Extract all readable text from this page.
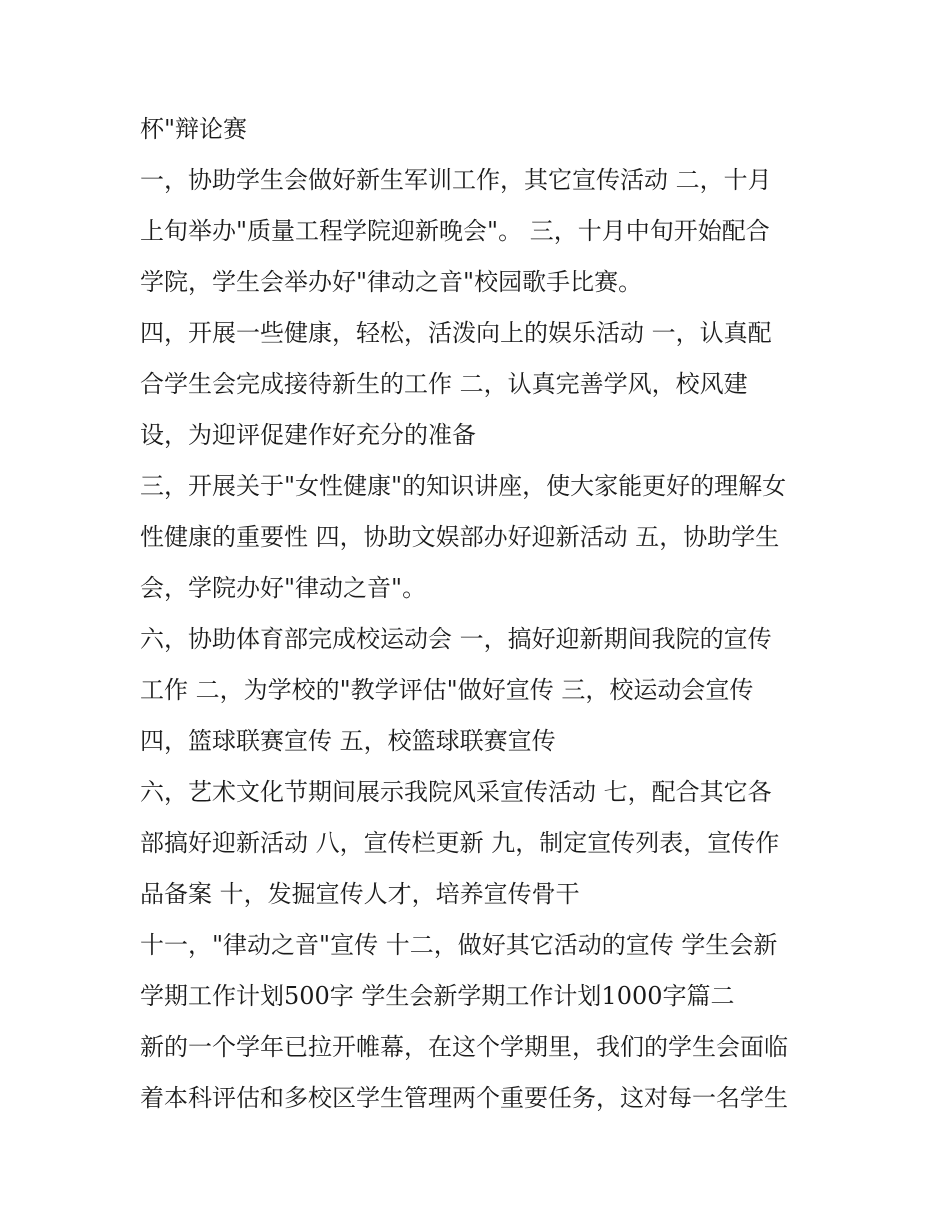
杯"辩论赛
一，协助学生会做好新生军训工作，其它宣传活动 二，十月
上旬举办"质量工程学院迎新晚会"。 三，十月中旬开始配合
学院，学生会举办好"律动之音"校园歌手比赛。
四，开展一些健康，轻松，活泼向上的娱乐活动 一，认真配
合学生会完成接待新生的工作 二，认真完善学风，校风建
设，为迎评促建作好充分的准备
三，开展关于"女性健康"的知识讲座，使大家能更好的理解女
性健康的重要性 四，协助文娱部办好迎新活动 五，协助学生
会，学院办好"律动之音"。
六，协助体育部完成校运动会 一，搞好迎新期间我院的宣传
工作 二，为学校的"教学评估"做好宣传 三，校运动会宣传
四，篮球联赛宣传 五，校篮球联赛宣传
六，艺术文化节期间展示我院风采宣传活动 七，配合其它各
部搞好迎新活动 八，宣传栏更新 九，制定宣传列表，宣传作
品备案 十，发掘宣传人才，培养宣传骨干
十一，"律动之音"宣传 十二，做好其它活动的宣传 学生会新
学期工作计划500字 学生会新学期工作计划1000字篇二
新的一个学年已拉开帷幕，在这个学期里，我们的学生会面临
着本科评估和多校区学生管理两个重要任务，这对每一名学生
